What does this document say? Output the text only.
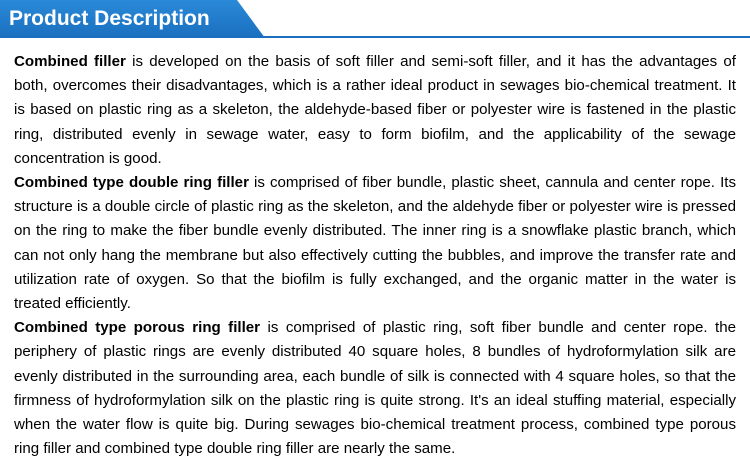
Product Description

Combined filler is developed on the basis of soft filler and semi-soft filler, and it has the advantages of both, overcomes their disadvantages, which is a rather ideal product in sewages bio-chemical treatment. It is based on plastic ring as a skeleton, the aldehyde-based fiber or polyester wire is fastened in the plastic ring, distributed evenly in sewage water, easy to form biofilm, and the applicability of the sewage concentration is good.

Combined type double ring filler is comprised of fiber bundle, plastic sheet, cannula and center rope. Its structure is a double circle of plastic ring as the skeleton, and the aldehyde fiber or polyester wire is pressed on the ring to make the fiber bundle evenly distributed. The inner ring is a snowflake plastic branch, which can not only hang the membrane but also effectively cutting the bubbles, and improve the transfer rate and utilization rate of oxygen. So that the biofilm is fully exchanged, and the organic matter in the water is treated efficiently.

Combined type porous ring filler is comprised of plastic ring, soft fiber bundle and center rope. the periphery of plastic rings are evenly distributed 40 square holes, 8 bundles of hydroformylation silk are evenly distributed in the surrounding area, each bundle of silk is connected with 4 square holes, so that the firmness of hydroformylation silk on the plastic ring is quite strong. It's an ideal stuffing material, especially when the water flow is quite big. During sewages bio-chemical treatment process, combined type porous ring filler and combined type double ring filler are nearly the same.
